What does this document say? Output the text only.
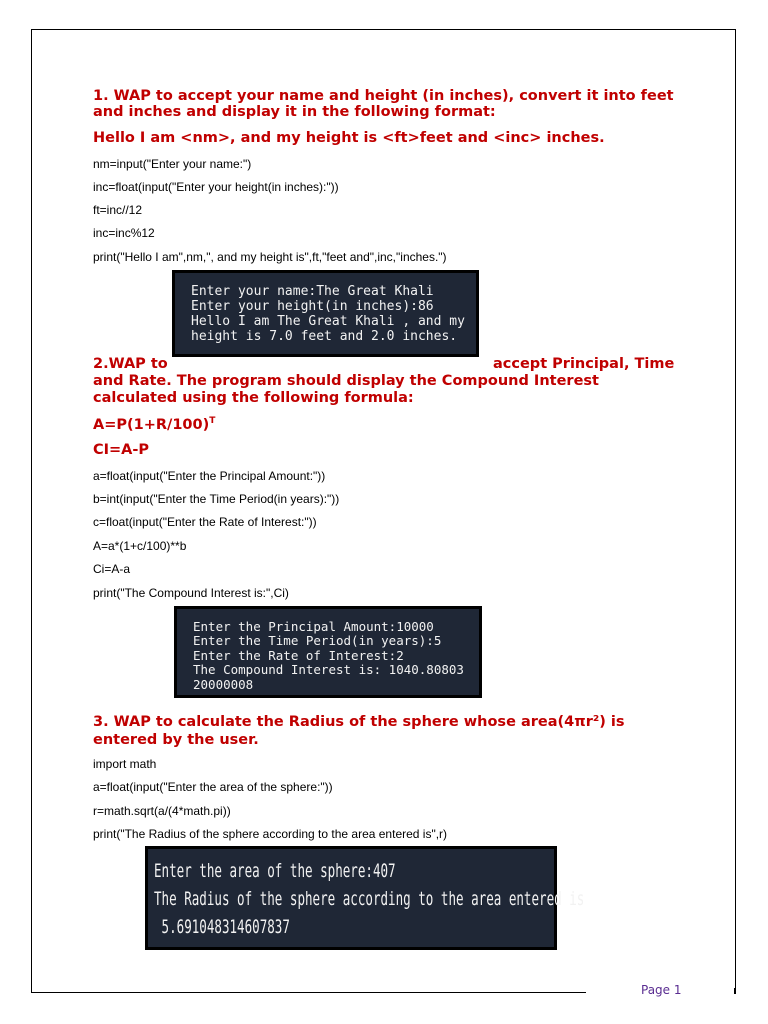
1. WAP to accept your name and height (in inches), convert it into feet
and inches and display it in the following format:
Hello I am <nm>, and my height is <ft>feet and <inc> inches.
nm=input("Enter your name:")
inc=float(input("Enter your height(in inches):"))
ft=inc//12
inc=inc%12
print("Hello I am",nm,", and my height is",ft,"feet and",inc,"inches.")
Enter your name:The Great Khali
Enter your height(in inches):86
Hello I am The Great Khali , and my
height is 7.0 feet and 2.0 inches.
2.WAP to	accept Principal, Time
and Rate. The program should display the Compound Interest
calculated using the following formula:
$A=P(1+R/100)^T$
CI=A-P
a=float(input("Enter the Principal Amount:"))
b=int(input("Enter the Time Period(in years):"))
c=float(input("Enter the Rate of Interest:"))
A=a*(1+c/100)**b
Ci=A-a
print("The Compound Interest is:",Ci)
Enter the Principal Amount:10000
Enter the Time Period(in years):5
Enter the Rate of Interest:2
The Compound Interest is: 1040.80803
20000008
3. WAP to calculate the Radius of the sphere whose area(4πr²) is
entered by the user.
import math
a=float(input("Enter the area of the sphere:"))
r=math.sqrt(a/(4*math.pi))
print("The Radius of the sphere according to the area entered is",r)
Enter the area of the sphere:407
The Radius of the sphere according to the area entered is
5.691048314607837
Page 1
